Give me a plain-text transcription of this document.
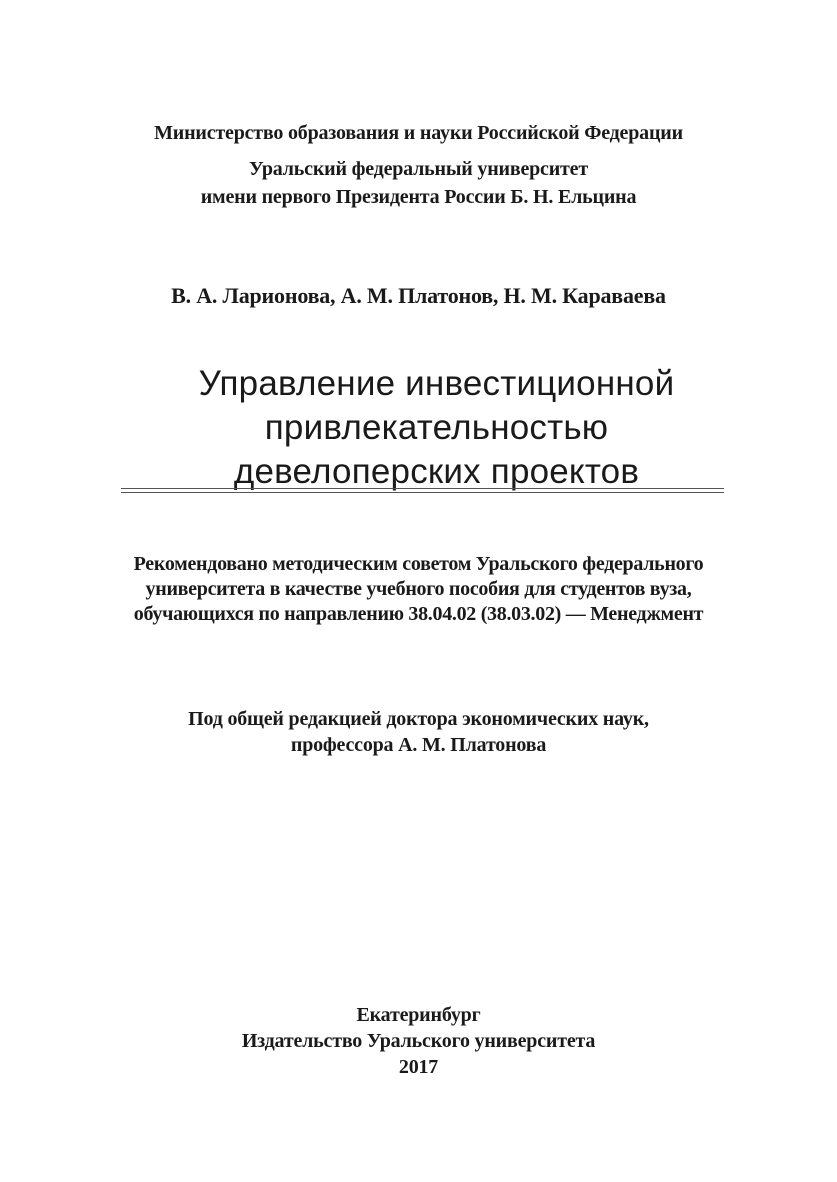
Министерство образования и науки Российской Федерации
Уральский федеральный университет
имени первого Президента России Б. Н. Ельцина
В. А. Ларионова, А. М. Платонов, Н. М. Караваева
Управление инвестиционной
привлекательностью
девелоперских проектов
Рекомендовано методическим советом Уральского федерального
университета в качестве учебного пособия для студентов вуза,
обучающихся по направлению 38.04.02 (38.03.02) — Менеджмент
Под общей редакцией доктора экономических наук,
профессора А. М. Платонова
Екатеринбург
Издательство Уральского университета
2017
